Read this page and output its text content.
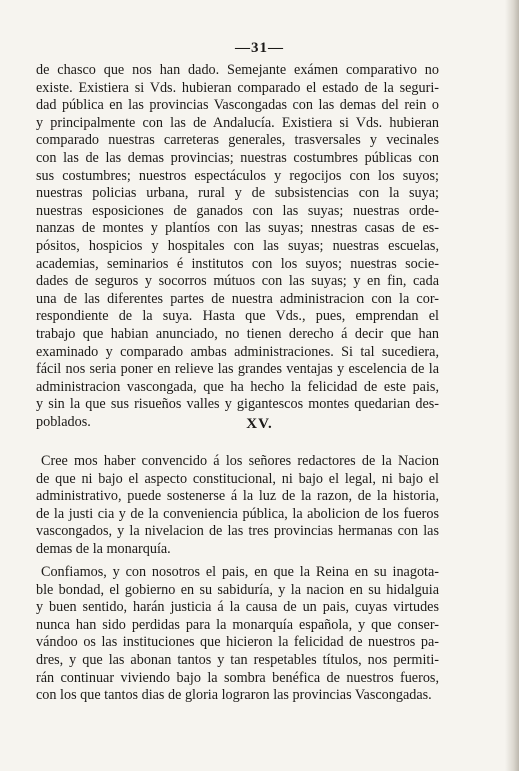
—31—
de chasco que nos han dado. Semejante exámen comparativo no
existe. Existiera si Vds. hubieran comparado el estado de la seguri-
dad pública en las provincias Vascongadas con las demas del rein o
y principalmente con las de Andalucía. Existiera si Vds. hubieran
comparado nuestras carreteras generales, trasversales y vecinales
con las de las demas provincias; nuestras costumbres públicas con
sus costumbres; nuestros espectáculos y regocijos con los suyos;
nuestras policias urbana, rural y de subsistencias con la suya;
nuestras esposiciones de ganados con las suyas; nuestras orde-
nanzas de montes y plantíos con las suyas; nnestras casas de es-
pósitos, hospicios y hospitales con las suyas; nuestras escuelas,
academias, seminarios é institutos con los suyos; nuestras socie-
dades de seguros y socorros mútuos con las suyas; y en fin, cada
una de las diferentes partes de nuestra administracion con la cor-
respondiente de la suya. Hasta que Vds., pues, emprendan el
trabajo que habian anunciado, no tienen derecho á decir que han
examinado y comparado ambas administraciones. Si tal sucediera,
fácil nos seria poner en relieve las grandes ventajas y escelencia de la
administracion vascongada, que ha hecho la felicidad de este pais,
y sin la que sus risueños valles y gigantescos montes quedarian des-
poblados.	XV.
Cree mos haber convencido á los señores redactores de la Nacion
de que ni bajo el aspecto constitucional, ni bajo el legal, ni bajo el
administrativo, puede sostenerse á la luz de la razon, de la historia,
de la justi cia y de la conveniencia pública, la abolicion de los fueros
vascongados, y la nivelacion de las tres provincias hermanas con las
demas de la monarquía.
Confiamos, y con nosotros el pais, en que la Reina en su inagota-
ble bondad, el gobierno en su sabiduría, y la nacion en su hidalguia
y buen sentido, harán justicia á la causa de un pais, cuyas virtudes
nunca han sido perdidas para la monarquía española, y que conser-
vándoo os las instituciones que hicieron la felicidad de nuestros pa-
dres, y que las abonan tantos y tan respetables títulos, nos permiti-
rán continuar viviendo bajo la sombra benéfica de nuestros fueros,
con los que tantos dias de gloria lograron las provincias Vascongadas.
